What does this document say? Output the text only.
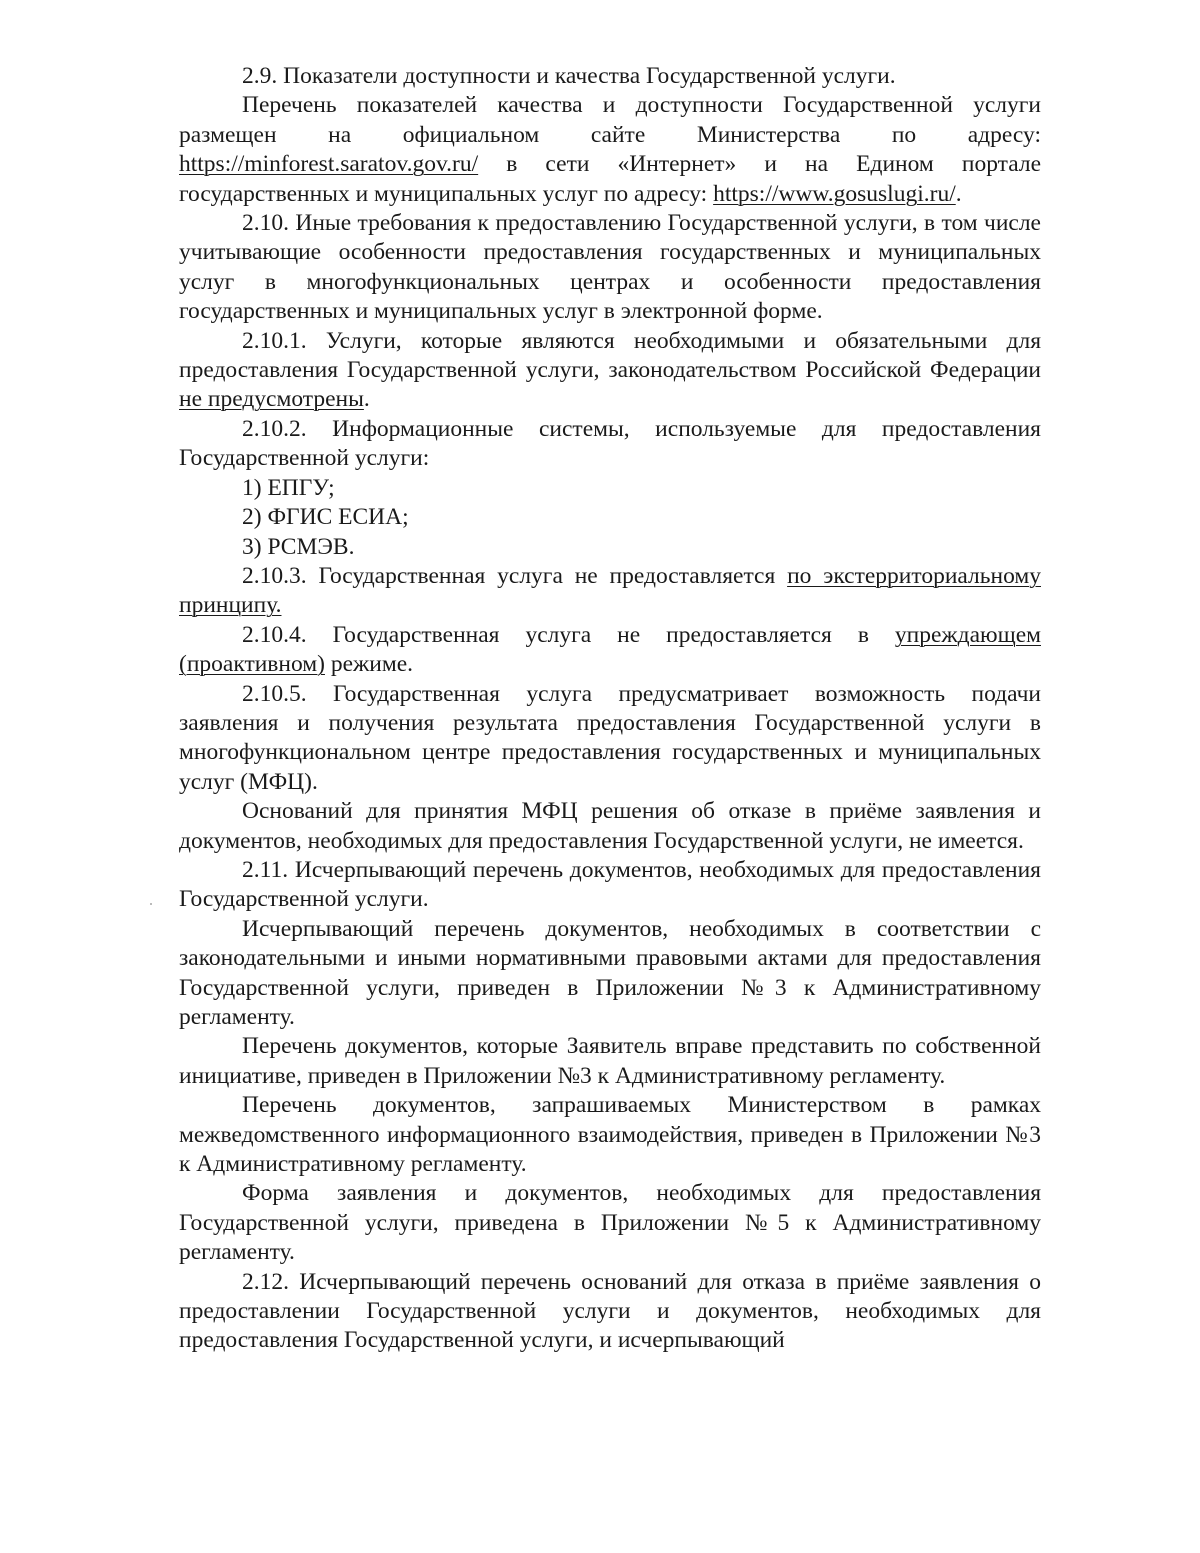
2.9. Показатели доступности и качества Государственной услуги.

Перечень показателей качества и доступности Государственной услуги размещен на официальном сайте Министерства по адресу: https://minforest.saratov.gov.ru/ в сети «Интернет» и на Едином портале государственных и муниципальных услуг по адресу: https://www.gosuslugi.ru/.

2.10. Иные требования к предоставлению Государственной услуги, в том числе учитывающие особенности предоставления государственных и муниципальных услуг в многофункциональных центрах и особенности предоставления государственных и муниципальных услуг в электронной форме.

2.10.1. Услуги, которые являются необходимыми и обязательными для предоставления Государственной услуги, законодательством Российской Федерации не предусмотрены.

2.10.2. Информационные системы, используемые для предоставления Государственной услуги:

1) ЕПГУ;

2) ФГИС ЕСИА;

3) РСМЭВ.

2.10.3. Государственная услуга не предоставляется по экстерриториальному принципу.

2.10.4. Государственная услуга не предоставляется в упреждающем (проактивном) режиме.

2.10.5. Государственная услуга предусматривает возможность подачи заявления и получения результата предоставления Государственной услуги в многофункциональном центре предоставления государственных и муниципальных услуг (МФЦ).

Оснований для принятия МФЦ решения об отказе в приёме заявления и документов, необходимых для предоставления Государственной услуги, не имеется.

2.11. Исчерпывающий перечень документов, необходимых для предоставления Государственной услуги.

Исчерпывающий перечень документов, необходимых в соответствии с законодательными и иными нормативными правовыми актами для предоставления Государственной услуги, приведен в Приложении №3 к Административному регламенту.

Перечень документов, которые Заявитель вправе представить по собственной инициативе, приведен в Приложении №3 к Административному регламенту.

Перечень документов, запрашиваемых Министерством в рамках межведомственного информационного взаимодействия, приведен в Приложении №3 к Административному регламенту.

Форма заявления и документов, необходимых для предоставления Государственной услуги, приведена в Приложении №5 к Административному регламенту.

2.12. Исчерпывающий перечень оснований для отказа в приёме заявления о предоставлении Государственной услуги и документов, необходимых для предоставления Государственной услуги, и исчерпывающий
